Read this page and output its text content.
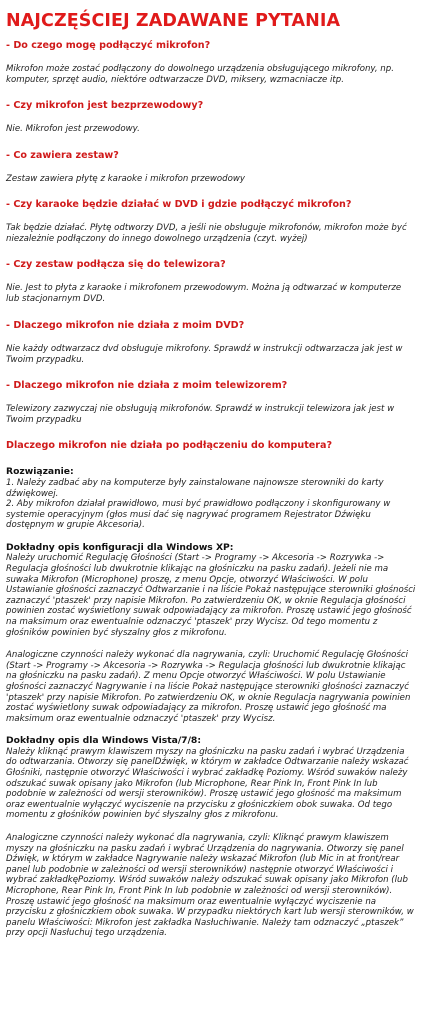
NAJCZĘŚCIEJ ZADAWANE PYTANIA
- Do czego mogę podłączyć mikrofon?
Mikrofon może zostać podłączony do dowolnego urządzenia obsługującego mikrofony, np. komputer, sprzęt audio, niektóre odtwarzacze DVD, miksery, wzmacniacze itp.
- Czy mikrofon jest bezprzewodowy?
Nie. Mikrofon jest przewodowy.
- Co zawiera zestaw?
Zestaw zawiera płytę z karaoke i mikrofon przewodowy
- Czy karaoke będzie działać w DVD i gdzie podłączyć mikrofon?
Tak będzie działać. Płytę odtworzy DVD, a jeśli nie obsługuje mikrofonów, mikrofon może być niezależnie podłączony do innego dowolnego urządzenia (czyt. wyżej)
- Czy zestaw podłącza się do telewizora?
Nie. Jest to płyta z karaoke i mikrofonem przewodowym. Można ją odtwarzać w komputerze lub stacjonarnym DVD.
- Dlaczego mikrofon nie działa z moim DVD?
Nie każdy odtwarzacz dvd obsługuje mikrofony. Sprawdź w instrukcji odtwarzacza jak jest w Twoim przypadku.
- Dlaczego mikrofon nie działa z moim telewizorem?
Telewizory zazwyczaj nie obsługują mikrofonów. Sprawdź w instrukcji telewizora jak jest w Twoim przypadku
Dlaczego mikrofon nie działa po podłączeniu do komputera?
Rozwiązanie:
1. Należy zadbać aby na komputerze były zainstalowane najnowsze sterowniki do karty dźwiękowej.
2. Aby mikrofon działał prawidłowo, musi być prawidłowo podłączony i skonfigurowany w systemie operacyjnym (głos musi dać się nagrywać programem Rejestrator Dźwięku dostępnym w grupie Akcesoria).
Dokładny opis konfiguracji dla Windows XP:
Należy uruchomić Regulację Głośności (Start -> Programy -> Akcesoria -> Rozrywka -> Regulacja głośności lub dwukrotnie klikając na głośniczku na pasku zadań). Jeżeli nie ma suwaka Mikrofon (Microphone) proszę, z menu Opcje, otworzyć Właściwości. W polu Ustawianie głośności zaznaczyć Odtwarzanie i na liście Pokaż następujące sterowniki głośności zaznaczyć 'ptaszek' przy napisie Mikrofon. Po zatwierdzeniu OK, w oknie Regulacja głośności powinien zostać wyświetlony suwak odpowiadający za mikrofon. Proszę ustawić jego głośność na maksimum oraz ewentualnie odznaczyć 'ptaszek' przy Wycisz. Od tego momentu z głośników powinien być słyszalny głos z mikrofonu.
Analogiczne czynności należy wykonać dla nagrywania, czyli: Uruchomić Regulację Głośności (Start -> Programy -> Akcesoria -> Rozrywka -> Regulacja głośności lub dwukrotnie klikając na głośniczku na pasku zadań). Z menu Opcje otworzyć Właściwości. W polu Ustawianie głośności zaznaczyć Nagrywanie i na liście Pokaż następujące sterowniki głośności zaznaczyć 'ptaszek' przy napisie Mikrofon. Po zatwierdzeniu OK, w oknie Regulacja nagrywania powinien zostać wyświetlony suwak odpowiadający za mikrofon. Proszę ustawić jego głośność ma maksimum oraz ewentualnie odznaczyć 'ptaszek' przy Wycisz.
Dokładny opis dla Windows Vista/7/8:
Należy kliknąć prawym klawiszem myszy na głośniczku na pasku zadań i wybrać Urządzenia do odtwarzania. Otworzy się panelDźwięk, w którym w zakładce Odtwarzanie należy wskazać Głośniki, następnie otworzyć Właściwości i wybrać zakładkę Poziomy. Wśród suwaków należy odszukać suwak opisany jako Mikrofon (lub Microphone, Rear Pink In, Front Pink In lub podobnie w zależności od wersji sterowników). Proszę ustawić jego głośność ma maksimum oraz ewentualnie wyłączyć wyciszenie na przycisku z głośniczkiem obok suwaka. Od tego momentu z głośników powinien być słyszalny głos z mikrofonu.
Analogiczne czynności należy wykonać dla nagrywania, czyli: Kliknąć prawym klawiszem myszy na głośniczku na pasku zadań i wybrać Urządzenia do nagrywania. Otworzy się panel Dźwięk, w którym w zakładce Nagrywanie należy wskazać Mikrofon (lub Mic in at front/rear panel lub podobnie w zależności od wersji sterowników) następnie otworzyć Właściwości i wybrać zakładkęPoziomy. Wśród suwaków należy odszukać suwak opisany jako Mikrofon (lub Microphone, Rear Pink In, Front Pink In lub podobnie w zależności od wersji sterowników). Proszę ustawić jego głośność na maksimum oraz ewentualnie wyłączyć wyciszenie na przycisku z głośniczkiem obok suwaka. W przypadku niektórych kart lub wersji sterowników, w panelu Właściwości: Mikrofon jest zakładka Nasłuchiwanie. Należy tam odznaczyć „ptaszek” przy opcji Nasłuchuj tego urządzenia.
